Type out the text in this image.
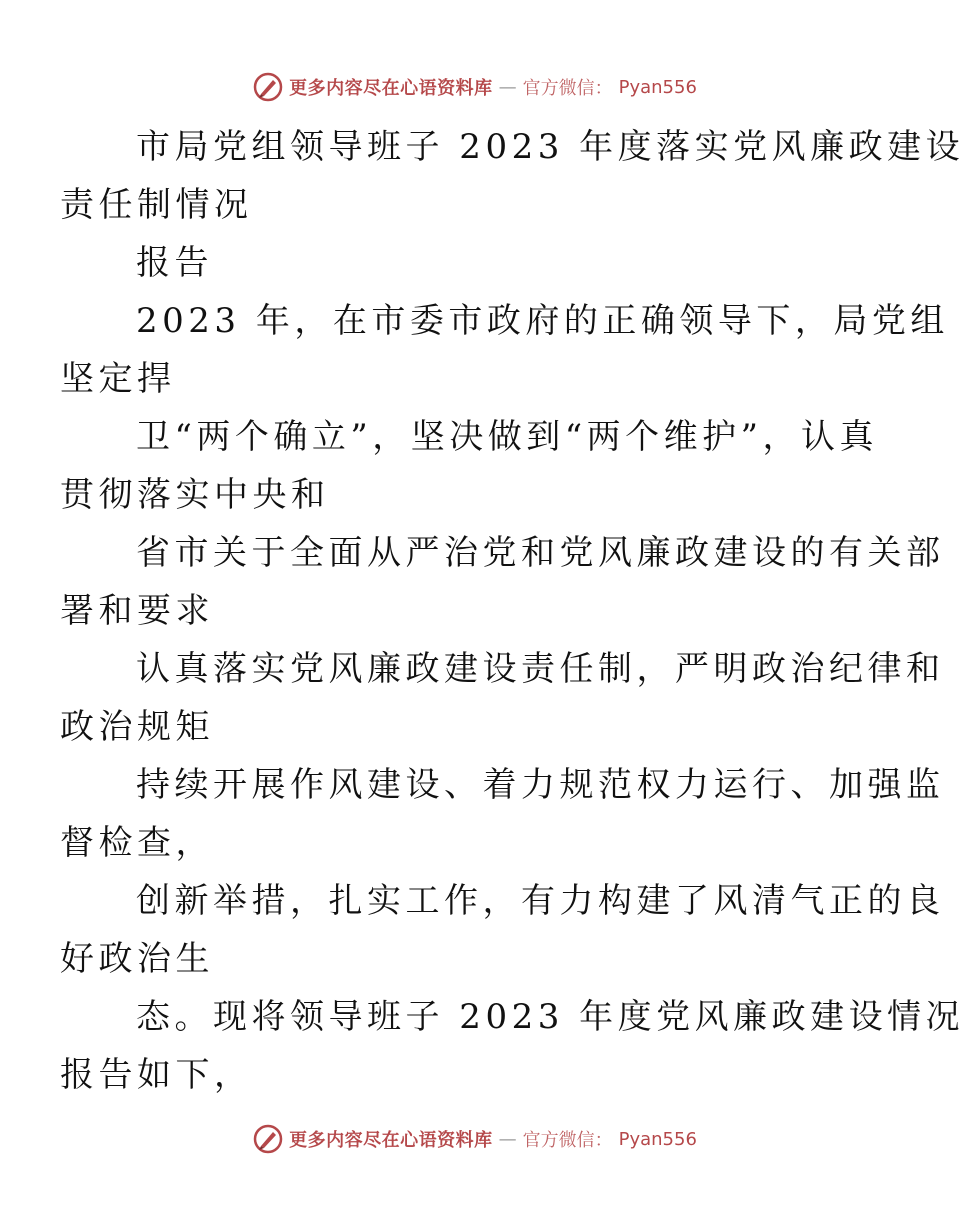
更多内容尽在心语资料库 — 官方微信： Pyan556

市局党组领导班子 2023 年度落实党风廉政建设
责任制情况

报告

2023 年，在市委市政府的正确领导下，局党组
坚定捍

卫“两个确立”，坚决做到“两个维护”，认真
贯彻落实中央和

省市关于全面从严治党和党风廉政建设的有关部
署和要求

认真落实党风廉政建设责任制，严明政治纪律和
政治规矩

持续开展作风建设、着力规范权力运行、加强监
督检查，

创新举措，扎实工作，有力构建了风清气正的良
好政治生

态。现将领导班子 2023 年度党风廉政建设情况
报告如下，

更多内容尽在心语资料库 — 官方微信： Pyan556
